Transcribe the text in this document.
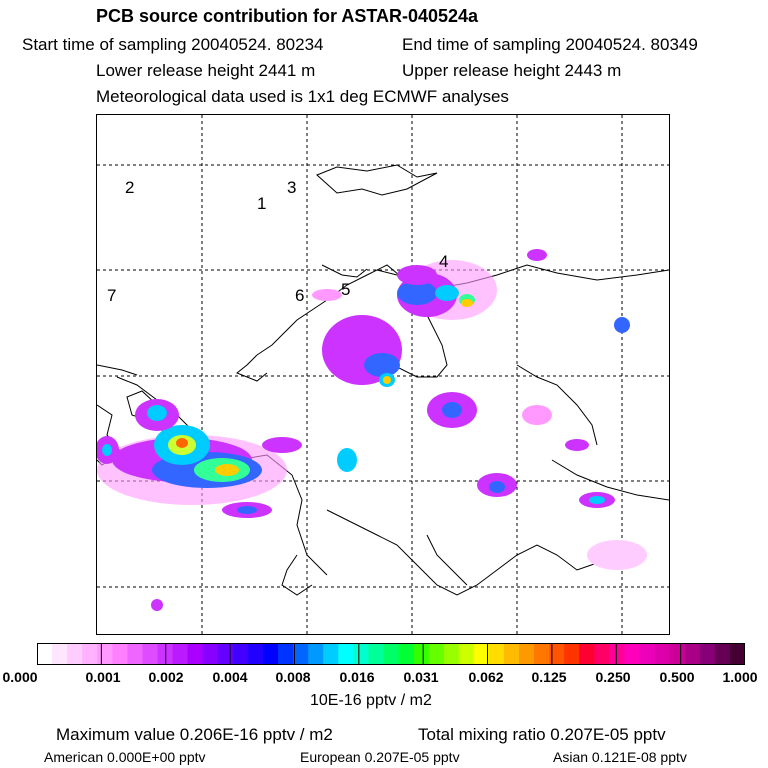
PCB source contribution for ASTAR-040524a
Start time of sampling 20040524. 80234	End time of sampling 20040524. 80349
Lower release height 2441 m	Upper release height 2443 m
Meteorological data used is 1x1 deg ECMWF analyses
1
2	3
4
5
6
7
0.000	0.001 0.002 0.004 0.008 0.016 0.031 0.062 0.125 0.250 0.500 1.000
10E-16 pptv / m2
Maximum value 0.206E-16 pptv / m2	Total mixing ratio 0.207E-05 pptv
American 0.000E+00 pptv	European 0.207E-05 pptv	Asian 0.121E-08 pptv
